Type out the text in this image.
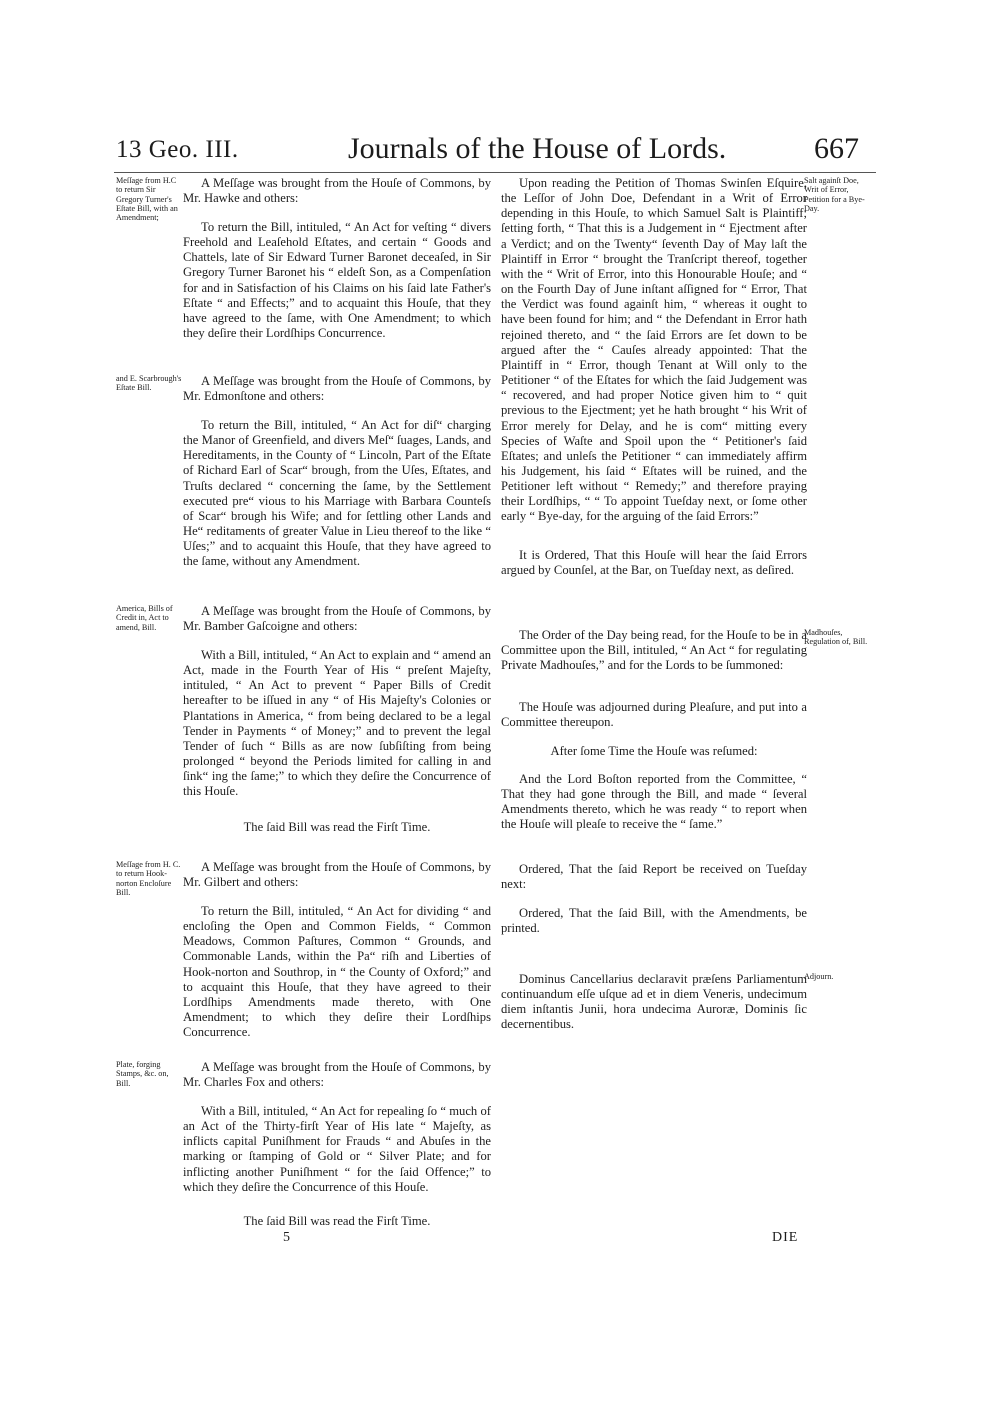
13 Geo. III.	Journals of the House of Lords.	667
Meſſage from H.C to return Sir Gregory Turner's Eſtate Bill, with an Amendment;
and E. Scarbrough's Eſtate Bill.
America, Bills of Credit in, Act to amend, Bill.
Meſſage from H. C. to return Hook-norton Encloſure Bill.
Plate, forging Stamps, &c. on, Bill.
Salt againſt Doe, Writ of Error, Petition for a Bye-Day.
Madhouſes, Regulation of, Bill.
Adjourn.

A Meſſage was brought from the Houſe of Commons, by Mr. Hawke and others:

To return the Bill, intituled, “ An Act for veſting “ divers Freehold and Leaſehold Eſtates, and certain “ Goods and Chattels, late of Sir Edward Turner Baronet deceaſed, in Sir Gregory Turner Baronet his “ eldeſt Son, as a Compenſation for and in Satisfaction of his Claims on his ſaid late Father's Eſtate “ and Effects;” and to acquaint this Houſe, that they have agreed to the ſame, with One Amendment; to which they deſire their Lordſhips Concurrence.

A Meſſage was brought from the Houſe of Commons, by Mr. Edmonſtone and others:

To return the Bill, intituled, “ An Act for diſ“ charging the Manor of Greenfield, and divers Meſ“ ſuages, Lands, and Hereditaments, in the County of “ Lincoln, Part of the Eſtate of Richard Earl of Scar“ brough, from the Uſes, Eſtates, and Truſts declared “ concerning the ſame, by the Settlement executed pre“ vious to his Marriage with Barbara Counteſs of Scar“ brough his Wife; and for ſettling other Lands and He“ reditaments of greater Value in Lieu thereof to the like “ Uſes;” and to acquaint this Houſe, that they have agreed to the ſame, without any Amendment.

A Meſſage was brought from the Houſe of Commons, by Mr. Bamber Gaſcoigne and others:

With a Bill, intituled, “ An Act to explain and “ amend an Act, made in the Fourth Year of His “ preſent Majeſty, intituled, “ An Act to prevent “ Paper Bills of Credit hereafter to be iſſued in any “ of His Majeſty's Colonies or Plantations in America, “ from being declared to be a legal Tender in Payments “ of Money;” and to prevent the legal Tender of ſuch “ Bills as are now ſubſiſting from being prolonged “ beyond the Periods limited for calling in and ſink“ ing the ſame;” to which they deſire the Concurrence of this Houſe.

The ſaid Bill was read the Firſt Time.

A Meſſage was brought from the Houſe of Commons, by Mr. Gilbert and others:

To return the Bill, intituled, “ An Act for dividing “ and encloſing the Open and Common Fields, “ Common Meadows, Common Paſtures, Common “ Grounds, and Commonable Lands, within the Pa“ riſh and Liberties of Hook-norton and Southrop, in “ the County of Oxford;” and to acquaint this Houſe, that they have agreed to their Lordſhips Amendments made thereto, with One Amendment; to which they deſire their Lordſhips Concurrence.

A Meſſage was brought from the Houſe of Commons, by Mr. Charles Fox and others:

With a Bill, intituled, “ An Act for repealing ſo “ much of an Act of the Thirty-firſt Year of His late “ Majeſty, as inflicts capital Puniſhment for Frauds “ and Abuſes in the marking or ſtamping of Gold or “ Silver Plate; and for inflicting another Puniſhment “ for the ſaid Offence;” to which they deſire the Concurrence of this Houſe.

The ſaid Bill was read the Firſt Time.

Upon reading the Petition of Thomas Swinſen Eſquire, the Leſſor of John Doe, Defendant in a Writ of Error depending in this Houſe, to which Samuel Salt is Plaintiff; ſetting forth, “ That this is a Judgement in “ Ejectment after a Verdict; and on the Twenty“ ſeventh Day of May laſt the Plaintiff in Error “ brought the Tranſcript thereof, together with the “ Writ of Error, into this Honourable Houſe; and “ on the Fourth Day of June inſtant aſſigned for “ Error, That the Verdict was found againſt him, “ whereas it ought to have been found for him; and “ the Defendant in Error hath rejoined thereto, and “ the ſaid Errors are ſet down to be argued after the “ Cauſes already appointed: That the Plaintiff in “ Error, though Tenant at Will only to the Petitioner “ of the Eſtates for which the ſaid Judgement was “ recovered, and had proper Notice given him to “ quit previous to the Ejectment; yet he hath brought “ his Writ of Error merely for Delay, and he is com“ mitting every Species of Waſte and Spoil upon the “ Petitioner's ſaid Eſtates; and unleſs the Petitioner “ can immediately affirm his Judgement, his ſaid “ Eſtates will be ruined, and the Petitioner left without “ Remedy;” and therefore praying their Lordſhips, “ “ To appoint Tueſday next, or ſome other early “ Bye-day, for the arguing of the ſaid Errors:”

It is Ordered, That this Houſe will hear the ſaid Errors argued by Counſel, at the Bar, on Tueſday next, as deſired.

The Order of the Day being read, for the Houſe to be in a Committee upon the Bill, intituled, “ An Act “ for regulating Private Madhouſes,” and for the Lords to be ſummoned:

The Houſe was adjourned during Pleaſure, and put into a Committee thereupon.

After ſome Time the Houſe was reſumed:

And the Lord Boſton reported from the Committee, “ That they had gone through the Bill, and made “ ſeveral Amendments thereto, which he was ready “ to report when the Houſe will pleaſe to receive the “ ſame.”

Ordered, That the ſaid Report be received on Tueſday next:

Ordered, That the ſaid Bill, with the Amendments, be printed.

Dominus Cancellarius declaravit præſens Parliamentum continuandum eſſe uſque ad et in diem Veneris, undecimum diem inſtantis Junii, hora undecima Auroræ, Dominis ſic decernentibus.

5	DIE
